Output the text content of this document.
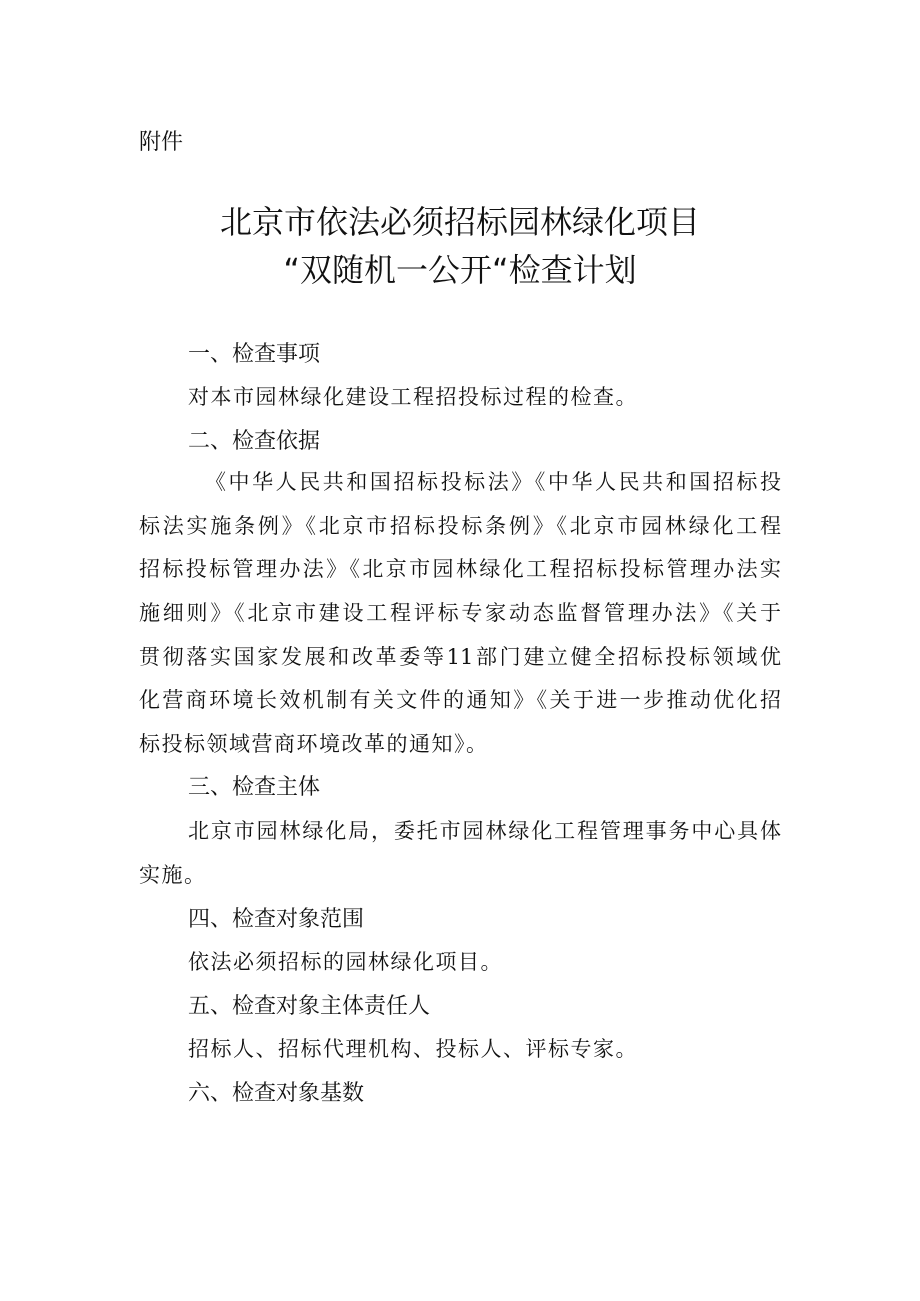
附件
北京市依法必须招标园林绿化项目
“双随机一公开“检查计划
一、检查事项
对本市园林绿化建设工程招投标过程的检查。
二、检查依据
《中华人民共和国招标投标法》《中华人民共和国招标投
标法实施条例》《北京市招标投标条例》《北京市园林绿化工程
招标投标管理办法》《北京市园林绿化工程招标投标管理办法实
施细则》《北京市建设工程评标专家动态监督管理办法》《关于
贯彻落实国家发展和改革委等11部门建立健全招标投标领域优
化营商环境长效机制有关文件的通知》《关于进一步推动优化招
标投标领域营商环境改革的通知》。
三、检查主体
北京市园林绿化局，委托市园林绿化工程管理事务中心具体
实施。
四、检查对象范围
依法必须招标的园林绿化项目。
五、检查对象主体责任人
招标人、招标代理机构、投标人、评标专家。
六、检查对象基数
